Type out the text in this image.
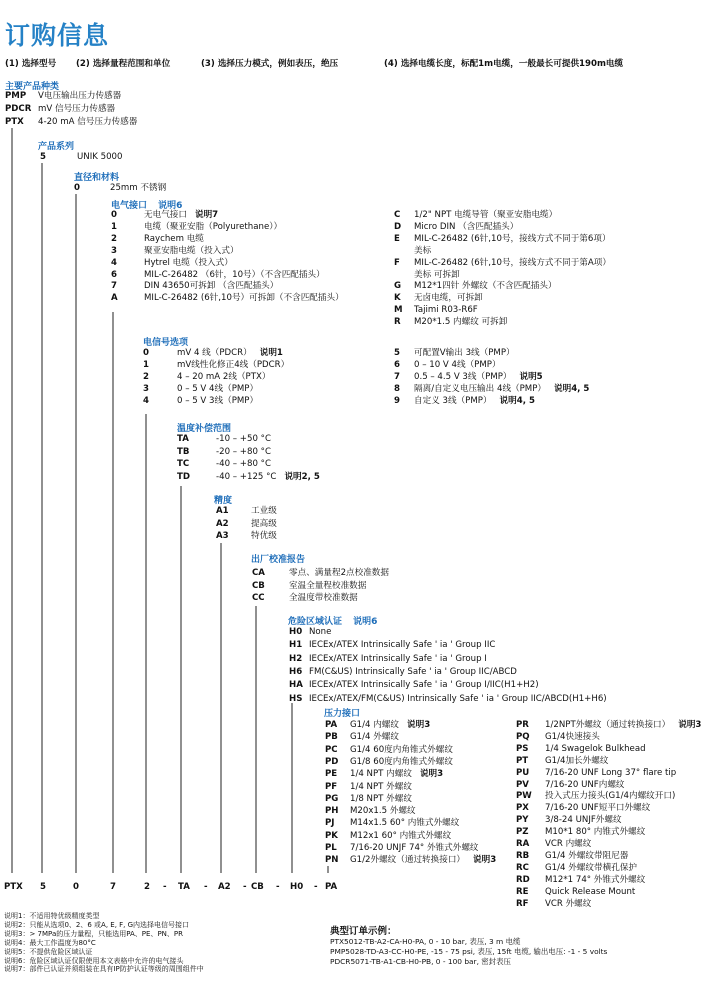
订购信息
(1) 选择型号 (2) 选择量程范围和单位	(3) 选择压力模式，例如表压，绝压	(4) 选择电缆长度，标配1m电缆，一般最长可提供190m电缆
主要产品种类
PMP V电压输出压力传感器
PDCR mV 信号压力传感器
PTX 4-20 mA 信号压力传感器
产品系列
5	UNIK 5000
直径和材料
0	25mm 不锈钢
电气接口 说明6
0	无电气接口 说明7
1	电缆（聚亚安脂（Polyurethane））
2	Raychem 电缆
3	聚亚安脂电缆（投入式）
4	Hytrel 电缆（投入式）
6	MIL-C-26482 （6针，10号）（不含匹配插头）
7	DIN 43650可拆卸 （含匹配插头）
A	MIL-C-26482 (6针,10号）可拆卸（不含匹配插头）
C 1/2" NPT 电缆导管（聚亚安脂电缆）
D Micro DIN （含匹配插头）
E MIL-C-26482 (6针,10号，接线方式不同于第6项）
美标
F MIL-C-26482 (6针,10号，接线方式不同于第A项）
美标 可拆卸
G M12*1四针 外螺纹（不含匹配插头）
K 无卤电缆，可拆卸
M Tajimi R03-R6F
R M20*1.5 内螺纹 可拆卸
电信号选项
0	mV 4 线（PDCR） 说明1
1	mV线性化修正4线（PDCR）
2	4 – 20 mA 2线（PTX）
3	0 – 5 V 4线（PMP）
4	0 – 5 V 3线（PMP）
5 可配置V输出 3线（PMP）
6 0 – 10 V 4线（PMP）
7 0.5 – 4.5 V 3线（PMP） 说明5
8 隔离/自定义电压输出 4线（PMP） 说明4, 5
9 自定义 3线（PMP） 说明4, 5
温度补偿范围
TA	-10 – +50 °C
TB	-20 – +80 °C
TC	-40 – +80 °C
TD	-40 – +125 °C 说明2, 5
精度
A1	工业级
A2	提高级
A3	特优级
出厂校准报告
CA	零点、满量程2点校准数据
CB	室温全量程校准数据
CC	全温度带校准数据
危险区域认证 说明6
H0 None
H1 IECEx/ATEX Intrinsically Safe ' ia ' Group IIC
H2 IECEx/ATEX Intrinsically Safe ' ia ' Group I
H6 FM(C&US) Intrinsically Safe ' ia ' Group IIC/ABCD
HA IECEx/ATEX Intrinsically Safe ' ia ' Group I/IIC(H1+H2)
HS IECEx/ATEX/FM(C&US) Intrinsically Safe ' ia ' Group IIC/ABCD(H1+H6)
压力接口
PA G1/4 内螺纹 说明3
PB G1/4 外螺纹
PC G1/4 60度内角锥式外螺纹
PD G1/8 60度内角锥式外螺纹
PE 1/4 NPT 内螺纹 说明3
PF 1/4 NPT 外螺纹
PG 1/8 NPT 外螺纹
PH M20x1.5 外螺纹
PJ M14x1.5 60° 内锥式外螺纹
PK M12x1 60° 内锥式外螺纹
PL 7/16-20 UNJF 74° 外锥式外螺纹
PN G1/2外螺纹（通过转换接口） 说明3
PR 1/2NPT外螺纹（通过转换接口） 说明3
PQ G1/4快速接头
PS 1/4 Swagelok Bulkhead
PT G1/4加长外螺纹
PU 7/16-20 UNF Long 37° flare tip
PV 7/16-20 UNF内螺纹
PW 投入式压力接头(G1/4内螺纹开口)
PX 7/16-20 UNF短平口外螺纹
PY 3/8-24 UNJF外螺纹
PZ M10*1 80° 内锥式外螺纹
RA VCR 内螺纹
RB G1/4 外螺纹带阻尼器
RC G1/4 外螺纹带横孔保护
RD M12*1 74° 外锥式外螺纹
RE Quick Release Mount
RF VCR 外螺纹
PTX 5	0	7	2 - TA - A2 - CB - H0 - PA
说明1：不适用特优级精度类型
说明2：只能从选项0、2、6 或A, E, F, G内选择电信号接口
说明3：> 7MPa的压力量程，只能选用PA、PE、PN、PR
说明4：最大工作温度为80°C
说明5：不提供危险区域认证
说明6：危险区域认证仅限使用本文表格中允许的电气接头
说明7：部件已认证并须组装在具有IP防护认证等级的周围组件中
典型订单示例：
PTX5012-TB-A2-CA-H0-PA, 0 - 10 bar, 表压, 3 m 电缆
PMP5028-TD-A3-CC-H0-PE, -15 - 75 psi, 表压, 15ft 电缆, 输出电压: -1 - 5 volts
PDCR5071-TB-A1-CB-H0-PB, 0 - 100 bar, 密封表压
